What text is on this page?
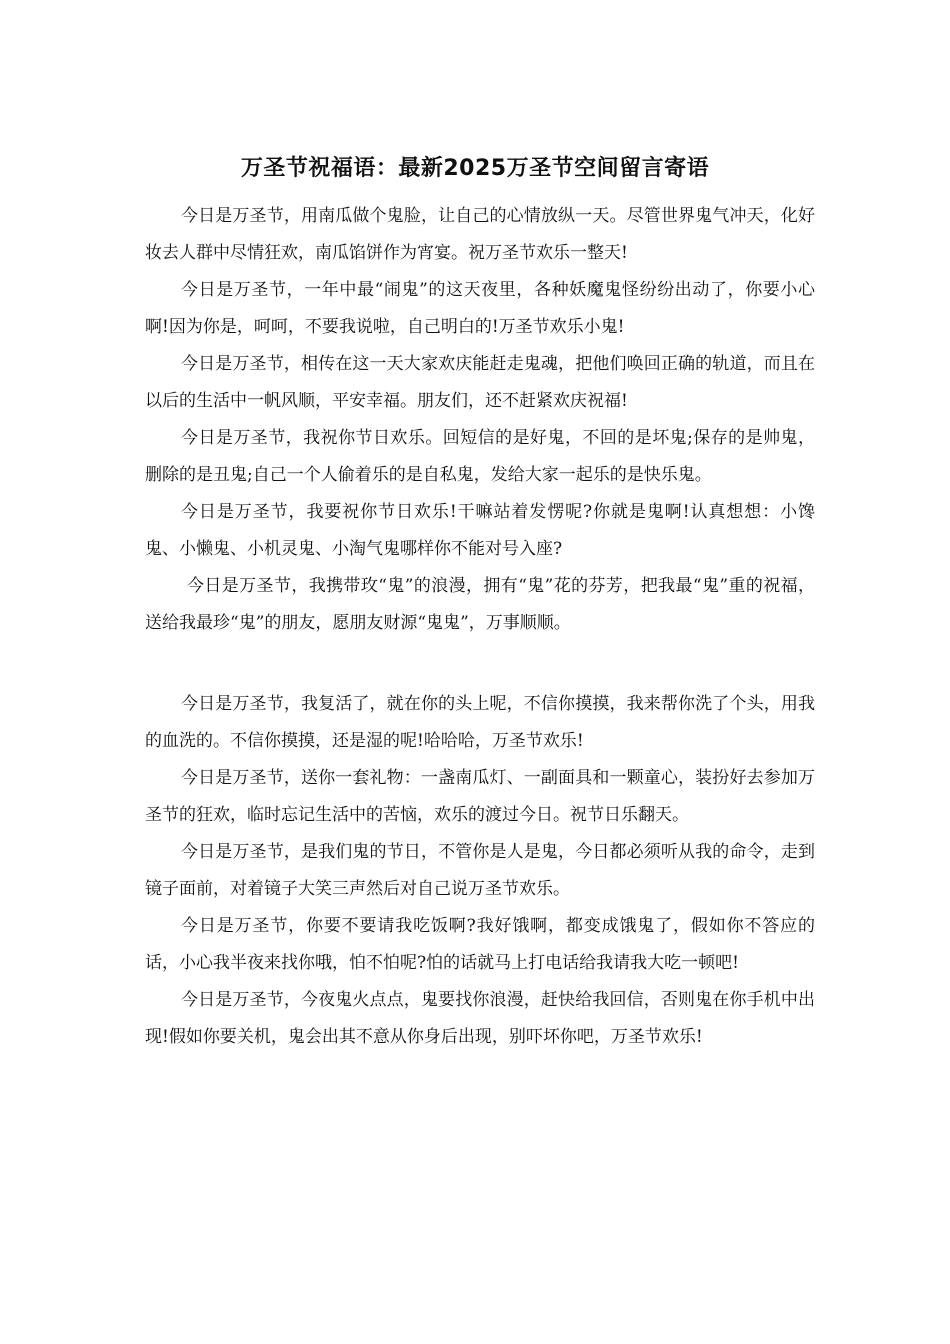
万圣节祝福语：最新2025万圣节空间留言寄语

今日是万圣节，用南瓜做个鬼脸，让自己的心情放纵一天。尽管世界鬼气冲天，化好妆去人群中尽情狂欢，南瓜馅饼作为宵宴。祝万圣节欢乐一整天!

今日是万圣节，一年中最“闹鬼”的这天夜里，各种妖魔鬼怪纷纷出动了，你要小心啊!因为你是，呵呵，不要我说啦，自己明白的!万圣节欢乐小鬼!

今日是万圣节，相传在这一天大家欢庆能赶走鬼魂，把他们唤回正确的轨道，而且在以后的生活中一帆风顺，平安幸福。朋友们，还不赶紧欢庆祝福!

今日是万圣节，我祝你节日欢乐。回短信的是好鬼，不回的是坏鬼;保存的是帅鬼，删除的是丑鬼;自己一个人偷着乐的是自私鬼，发给大家一起乐的是快乐鬼。

今日是万圣节，我要祝你节日欢乐!干嘛站着发愣呢?你就是鬼啊!认真想想：小馋鬼、小懒鬼、小机灵鬼、小淘气鬼哪样你不能对号入座?

今日是万圣节，我携带玫“鬼”的浪漫，拥有“鬼”花的芬芳，把我最“鬼”重的祝福，送给我最珍“鬼”的朋友，愿朋友财源“鬼鬼”，万事顺顺。

今日是万圣节，我复活了，就在你的头上呢，不信你摸摸，我来帮你洗了个头，用我的血洗的。不信你摸摸，还是湿的呢!哈哈哈，万圣节欢乐!

今日是万圣节，送你一套礼物：一盏南瓜灯、一副面具和一颗童心，装扮好去参加万圣节的狂欢，临时忘记生活中的苦恼，欢乐的渡过今日。祝节日乐翻天。

今日是万圣节，是我们鬼的节日，不管你是人是鬼，今日都必须听从我的命令，走到镜子面前，对着镜子大笑三声然后对自己说万圣节欢乐。

今日是万圣节，你要不要请我吃饭啊?我好饿啊，都变成饿鬼了，假如你不答应的话，小心我半夜来找你哦，怕不怕呢?怕的话就马上打电话给我请我大吃一顿吧!

今日是万圣节，今夜鬼火点点，鬼要找你浪漫，赶快给我回信，否则鬼在你手机中出现!假如你要关机，鬼会出其不意从你身后出现，别吓坏你吧，万圣节欢乐!
